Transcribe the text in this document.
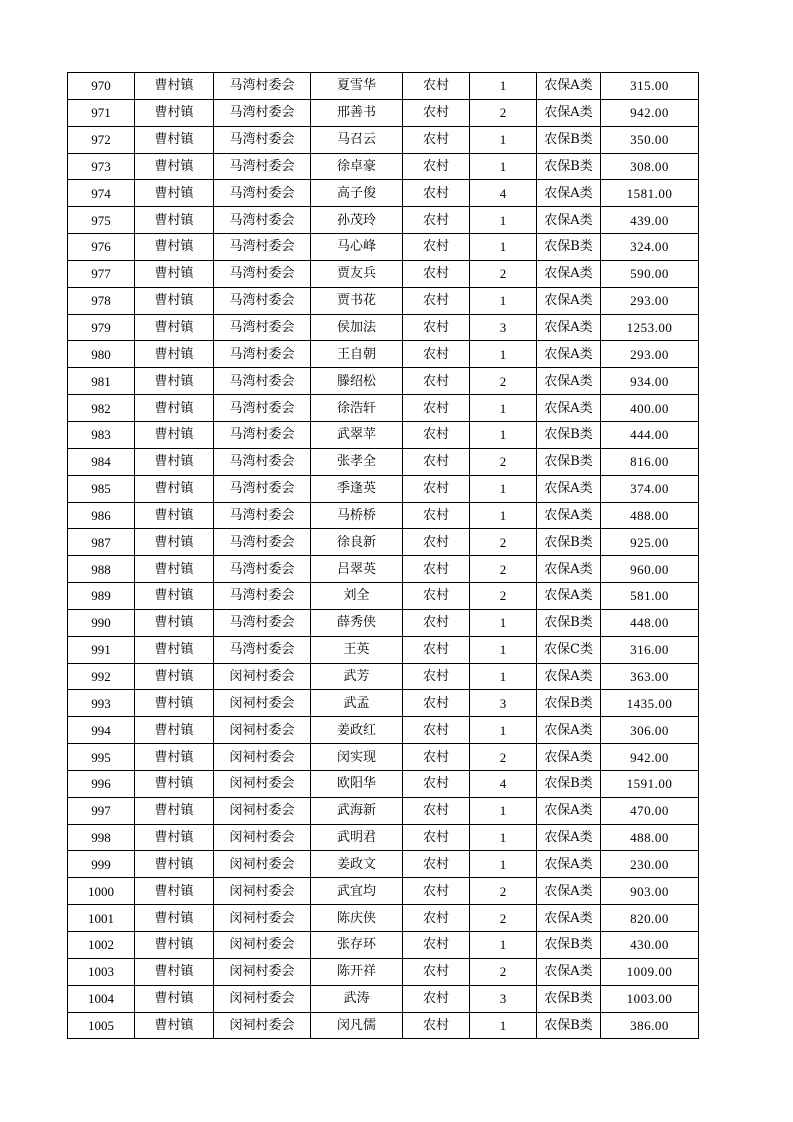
970	曹村镇	马湾村委会	夏雪华	农村	1	农保A类	315.00
971	曹村镇	马湾村委会	邢善书	农村	2	农保A类	942.00
972	曹村镇	马湾村委会	马召云	农村	1	农保B类	350.00
973	曹村镇	马湾村委会	徐卓豪	农村	1	农保B类	308.00
974	曹村镇	马湾村委会	高子俊	农村	4	农保A类	1581.00
975	曹村镇	马湾村委会	孙茂玲	农村	1	农保A类	439.00
976	曹村镇	马湾村委会	马心峰	农村	1	农保B类	324.00
977	曹村镇	马湾村委会	贾友兵	农村	2	农保A类	590.00
978	曹村镇	马湾村委会	贾书花	农村	1	农保A类	293.00
979	曹村镇	马湾村委会	侯加法	农村	3	农保A类	1253.00
980	曹村镇	马湾村委会	王自朝	农村	1	农保A类	293.00
981	曹村镇	马湾村委会	滕绍松	农村	2	农保A类	934.00
982	曹村镇	马湾村委会	徐浩轩	农村	1	农保A类	400.00
983	曹村镇	马湾村委会	武翠苹	农村	1	农保B类	444.00
984	曹村镇	马湾村委会	张孝全	农村	2	农保B类	816.00
985	曹村镇	马湾村委会	季逢英	农村	1	农保A类	374.00
986	曹村镇	马湾村委会	马桥桥	农村	1	农保A类	488.00
987	曹村镇	马湾村委会	徐良新	农村	2	农保B类	925.00
988	曹村镇	马湾村委会	吕翠英	农村	2	农保A类	960.00
989	曹村镇	马湾村委会	刘全	农村	2	农保A类	581.00
990	曹村镇	马湾村委会	薛秀侠	农村	1	农保B类	448.00
991	曹村镇	马湾村委会	王英	农村	1	农保C类	316.00
992	曹村镇	闵祠村委会	武芳	农村	1	农保A类	363.00
993	曹村镇	闵祠村委会	武孟	农村	3	农保B类	1435.00
994	曹村镇	闵祠村委会	姜政红	农村	1	农保A类	306.00
995	曹村镇	闵祠村委会	闵实现	农村	2	农保A类	942.00
996	曹村镇	闵祠村委会	欧阳华	农村	4	农保B类	1591.00
997	曹村镇	闵祠村委会	武海新	农村	1	农保A类	470.00
998	曹村镇	闵祠村委会	武明君	农村	1	农保A类	488.00
999	曹村镇	闵祠村委会	姜政文	农村	1	农保A类	230.00
1000	曹村镇	闵祠村委会	武宜均	农村	2	农保A类	903.00
1001	曹村镇	闵祠村委会	陈庆侠	农村	2	农保A类	820.00
1002	曹村镇	闵祠村委会	张存环	农村	1	农保B类	430.00
1003	曹村镇	闵祠村委会	陈开祥	农村	2	农保A类	1009.00
1004	曹村镇	闵祠村委会	武涛	农村	3	农保B类	1003.00
1005	曹村镇	闵祠村委会	闵凡儒	农村	1	农保B类	386.00
